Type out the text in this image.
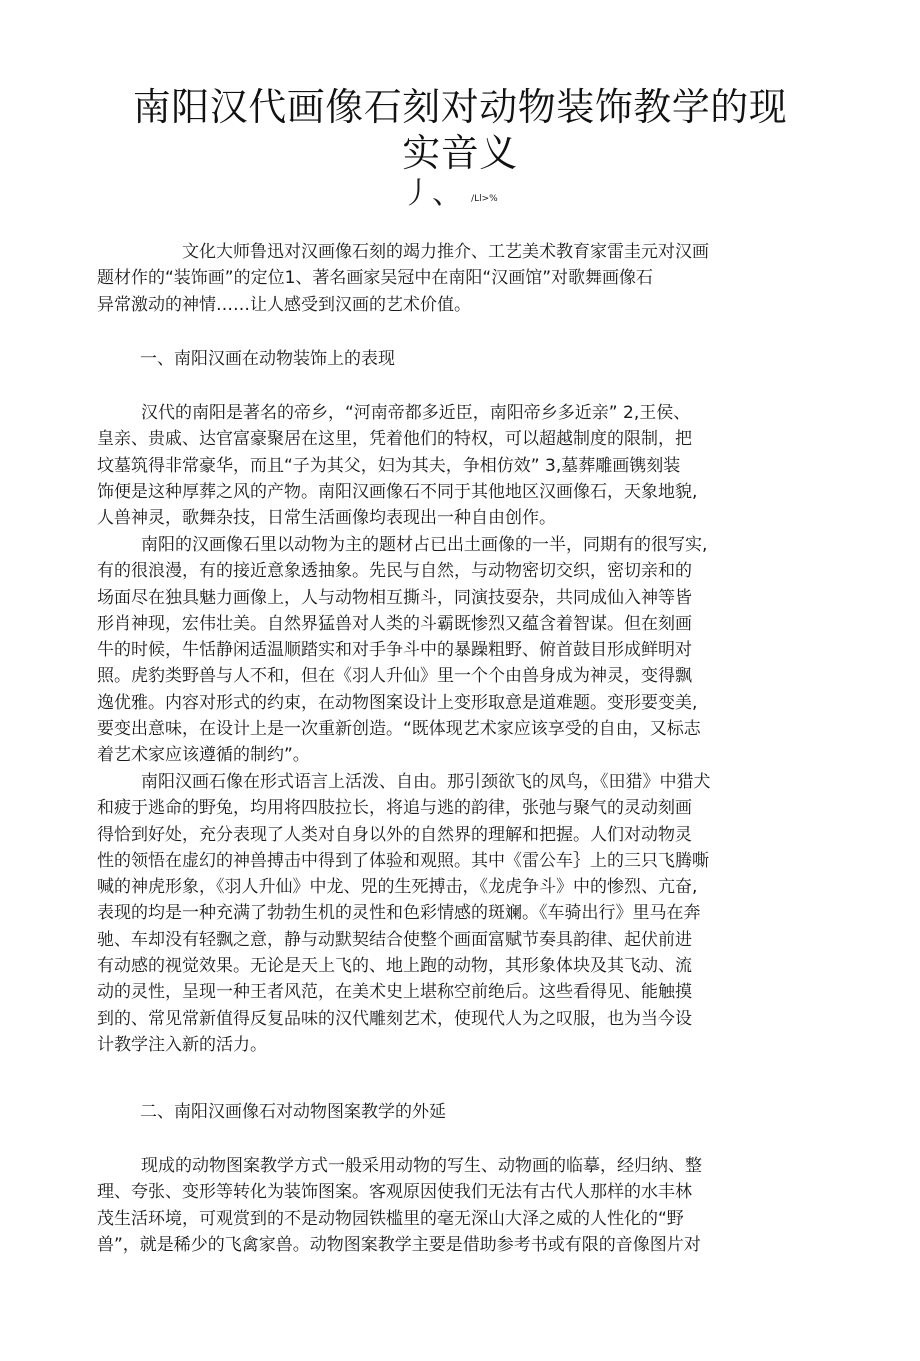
南阳汉代画像石刻对动物装饰教学的现
实音义
丿、 /Ll>%
文化大师鲁迅对汉画像石刻的竭力推介、工艺美术教育家雷圭元对汉画
题材作的“装饰画”的定位1、著名画家吴冠中在南阳“汉画馆”对歌舞画像石
异常激动的神情……让人感受到汉画的艺术价值。
一、南阳汉画在动物装饰上的表现
汉代的南阳是著名的帝乡，“河南帝都多近臣，南阳帝乡多近亲” 2,王侯、
皇亲、贵戚、达官富豪聚居在这里，凭着他们的特权，可以超越制度的限制，把
坟墓筑得非常豪华，而且“子为其父，妇为其夫，争相仿效” 3,墓葬雕画镌刻装
饰便是这种厚葬之风的产物。南阳汉画像石不同于其他地区汉画像石，天象地貌,
人兽神灵，歌舞杂技，日常生活画像均表现出一种自由创作。
南阳的汉画像石里以动物为主的题材占已出土画像的一半，同期有的很写实,
有的很浪漫，有的接近意象透抽象。先民与自然，与动物密切交织，密切亲和的
场面尽在独具魅力画像上，人与动物相互撕斗，同演技耍杂，共同成仙入神等皆
形肖神现，宏伟壮美。自然界猛兽对人类的斗霸既惨烈又蕴含着智谋。但在刻画
牛的时候，牛恬静闲适温顺踏实和对手争斗中的暴躁粗野、俯首鼓目形成鲜明对
照。虎豹类野兽与人不和，但在《羽人升仙》里一个个由兽身成为神灵，变得飘
逸优雅。内容对形式的约束，在动物图案设计上变形取意是道难题。变形要变美,
要变出意味，在设计上是一次重新创造。“既体现艺术家应该享受的自由，又标志
着艺术家应该遵循的制约”。
南阳汉画石像在形式语言上活泼、自由。那引颈欲飞的凤鸟，《田猎》中猎犬
和疲于逃命的野兔，均用将四肢拉长，将追与逃的韵律，张弛与聚气的灵动刻画
得恰到好处，充分表现了人类对自身以外的自然界的理解和把握。人们对动物灵
性的领悟在虚幻的神兽搏击中得到了体验和观照。其中《雷公车｝上的三只飞腾嘶
喊的神虎形象，《羽人升仙》中龙、兕的生死搏击，《龙虎争斗》中的惨烈、亢奋,
表现的均是一种充满了勃勃生机的灵性和色彩情感的斑斓。《车骑出行》里马在奔
驰、车却没有轻飘之意，静与动默契结合使整个画面富赋节奏具韵律、起伏前进
有动感的视觉效果。无论是天上飞的、地上跑的动物，其形象体块及其飞动、流
动的灵性，呈现一种王者风范，在美术史上堪称空前绝后。这些看得见、能触摸
到的、常见常新值得反复品味的汉代雕刻艺术，使现代人为之叹服，也为当今设
计教学注入新的活力。
二、南阳汉画像石对动物图案教学的外延
现成的动物图案教学方式一般采用动物的写生、动物画的临摹，经归纳、整
理、夸张、变形等转化为装饰图案。客观原因使我们无法有古代人那样的水丰林
茂生活环境，可观赏到的不是动物园铁槛里的毫无深山大泽之威的人性化的“野
兽”，就是稀少的飞禽家兽。动物图案教学主要是借助参考书或有限的音像图片对
